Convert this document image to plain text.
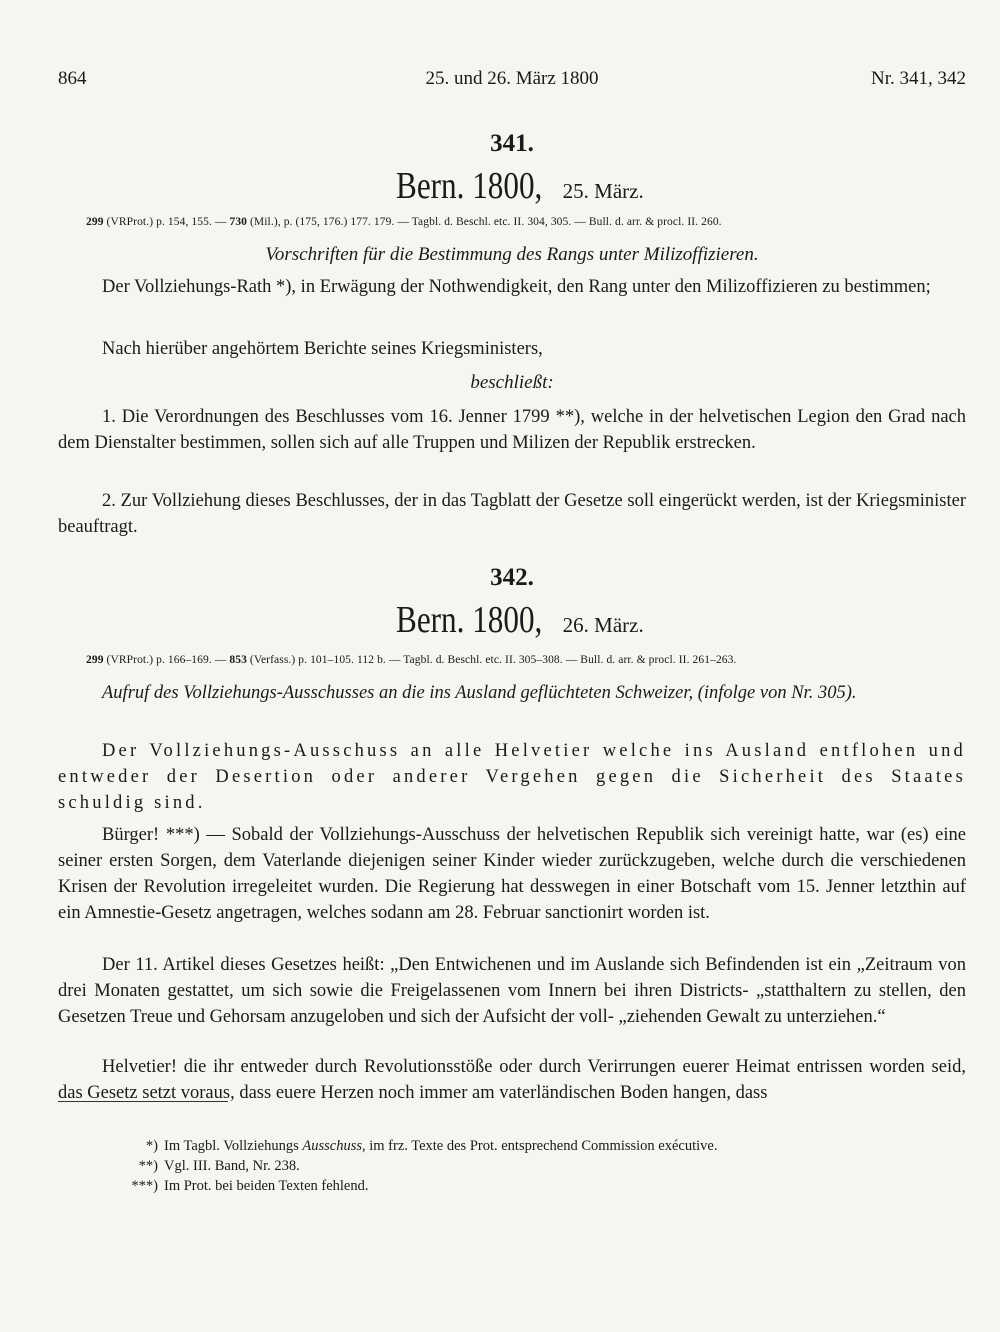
864	25. und 26. März 1800	Nr. 341, 342
341.
Bern. 1800, 25. März.
299 (VRProt.) p. 154, 155. — 730 (Mil.), p. (175, 176.) 177. 179. — Tagbl. d. Beschl. etc. II. 304, 305. — Bull. d. arr. & procl. II. 260.
Vorschriften für die Bestimmung des Rangs unter Milizoffizieren.
Der Vollziehungs-Rath *), in Erwägung der Nothwendigkeit, den Rang unter den Milizoffizieren zu bestimmen;
Nach hierüber angehörtem Berichte seines Kriegsministers,
beschließt:
1. Die Verordnungen des Beschlusses vom 16. Jenner 1799 **), welche in der helvetischen Legion den Grad nach dem Dienstalter bestimmen, sollen sich auf alle Truppen und Milizen der Republik erstrecken.
2. Zur Vollziehung dieses Beschlusses, der in das Tagblatt der Gesetze soll eingerückt werden, ist der Kriegsminister beauftragt.
342.
Bern. 1800, 26. März.
299 (VRProt.) p. 166–169. — 853 (Verfass.) p. 101–105. 112 b. — Tagbl. d. Beschl. etc. II. 305–308. — Bull. d. arr. & procl. II. 261–263.
Aufruf des Vollziehungs-Ausschusses an die ins Ausland geflüchteten Schweizer, (infolge von Nr. 305).
Der Vollziehungs-Ausschuss an alle Helvetier welche ins Ausland entflohen und entweder der Desertion oder anderer Vergehen gegen die Sicherheit des Staates schuldig sind.
Bürger! ***) — Sobald der Vollziehungs-Ausschuss der helvetischen Republik sich vereinigt hatte, war (es) eine seiner ersten Sorgen, dem Vaterlande diejenigen seiner Kinder wieder zurückzugeben, welche durch die verschiedenen Krisen der Revolution irregeleitet wurden. Die Regierung hat desswegen in einer Botschaft vom 15. Jenner letzthin auf ein Amnestie-Gesetz angetragen, welches sodann am 28. Februar sanctionirt worden ist.
Der 11. Artikel dieses Gesetzes heißt: „Den Entwichenen und im Auslande sich Befindenden ist ein „Zeitraum von drei Monaten gestattet, um sich sowie die Freigelassenen vom Innern bei ihren Districts- „statthaltern zu stellen, den Gesetzen Treue und Gehorsam anzugeloben und sich der Aufsicht der voll- „ziehenden Gewalt zu unterziehen.“
Helvetier! die ihr entweder durch Revolutionsstöße oder durch Verirrungen euerer Heimat entrissen worden seid, das Gesetz setzt voraus, dass euere Herzen noch immer am vaterländischen Boden hangen, dass
*) Im Tagbl. Vollziehungs Ausschuss, im frz. Texte des Prot. entsprechend Commission exécutive.
**) Vgl. III. Band, Nr. 238.
***) Im Prot. bei beiden Texten fehlend.
